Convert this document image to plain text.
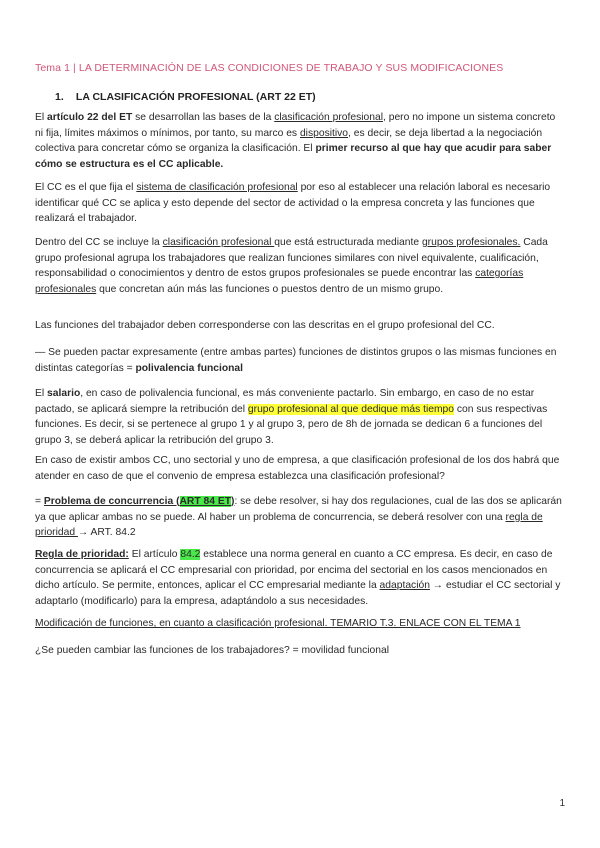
Tema 1 | LA DETERMINACIÓN DE LAS CONDICIONES DE TRABAJO Y SUS MODIFICACIONES
1. LA CLASIFICACIÓN PROFESIONAL (ART 22 ET)
El artículo 22 del ET se desarrollan las bases de la clasificación profesional, pero no impone un sistema concreto ni fija, límites máximos o mínimos, por tanto, su marco es dispositivo, es decir, se deja libertad a la negociación colectiva para concretar cómo se organiza la clasificación. El primer recurso al que hay que acudir para saber cómo se estructura es el CC aplicable.
El CC es el que fija el sistema de clasificación profesional por eso al establecer una relación laboral es necesario identificar qué CC se aplica y esto depende del sector de actividad o la empresa concreta y las funciones que realizará el trabajador.
Dentro del CC se incluye la clasificación profesional que está estructurada mediante grupos profesionales. Cada grupo profesional agrupa los trabajadores que realizan funciones similares con nivel equivalente, cualificación, responsabilidad o conocimientos y dentro de estos grupos profesionales se puede encontrar las categorías profesionales que concretan aún más las funciones o puestos dentro de un mismo grupo.
Las funciones del trabajador deben corresponderse con las descritas en el grupo profesional del CC.
— Se pueden pactar expresamente (entre ambas partes) funciones de distintos grupos o las mismas funciones en distintas categorías = polivalencia funcional
El salario, en caso de polivalencia funcional, es más conveniente pactarlo. Sin embargo, en caso de no estar pactado, se aplicará siempre la retribución del grupo profesional al que dedique más tiempo con sus respectivas funciones. Es decir, si se pertenece al grupo 1 y al grupo 3, pero de 8h de jornada se dedican 6 a funciones del grupo 3, se deberá aplicar la retribución del grupo 3.
En caso de existir ambos CC, uno sectorial y uno de empresa, a que clasificación profesional de los dos habrá que atender en caso de que el convenio de empresa establezca una clasificación profesional?
= Problema de concurrencia (ART 84 ET): se debe resolver, si hay dos regulaciones, cual de las dos se aplicarán ya que aplicar ambas no se puede. Al haber un problema de concurrencia, se deberá resolver con una regla de prioridad → ART. 84.2
Regla de prioridad: El artículo 84.2 establece una norma general en cuanto a CC empresa. Es decir, en caso de concurrencia se aplicará el CC empresarial con prioridad, por encima del sectorial en los casos mencionados en dicho artículo. Se permite, entonces, aplicar el CC empresarial mediante la adaptación → estudiar el CC sectorial y adaptarlo (modificarlo) para la empresa, adaptándolo a sus necesidades.
Modificación de funciones, en cuanto a clasificación profesional. TEMARIO T.3. ENLACE CON EL TEMA 1
¿Se pueden cambiar las funciones de los trabajadores? = movilidad funcional
1
